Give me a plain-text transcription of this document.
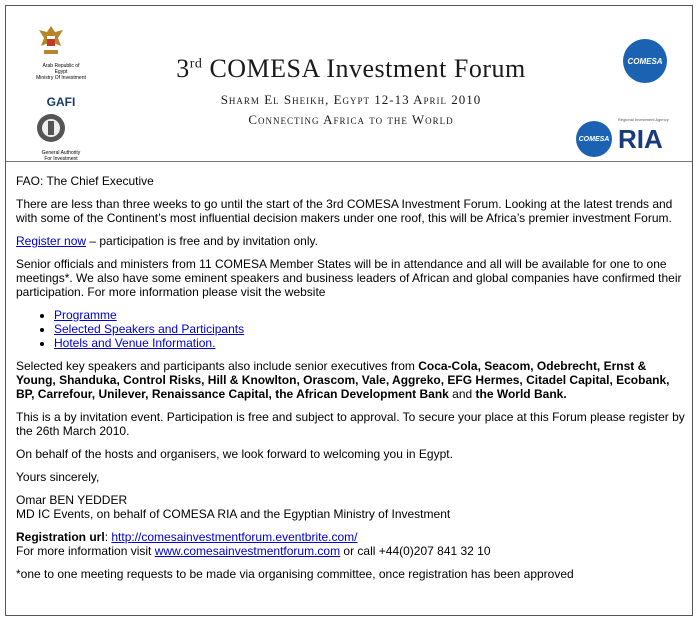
Arab Republic of Egypt
Ministry Of Investment
GAFI
General Authority
For Investment
3rd COMESA Investment Forum
Sharm El Sheikh, Egypt 12-13 April 2010
Connecting Africa to the World
COMESA
COMESA
Regional Investment Agency
RIA

FAO: The Chief Executive

There are less than three weeks to go until the start of the 3rd COMESA Investment Forum. Looking at the latest trends and with some of the Continent’s most influential decision makers under one roof, this will be Africa’s premier investment Forum.

Register now – participation is free and by invitation only.

Senior officials and ministers from 11 COMESA Member States will be in attendance and all will be available for one to one meetings*. We also have some eminent speakers and business leaders of African and global companies have confirmed their participation. For more information please visit the website

• Programme
• Selected Speakers and Participants
• Hotels and Venue Information.

Selected key speakers and participants also include senior executives from Coca-Cola, Seacom, Odebrecht, Ernst & Young, Shanduka, Control Risks, Hill & Knowlton, Orascom, Vale, Aggreko, EFG Hermes, Citadel Capital, Ecobank, BP, Carrefour, Unilever, Renaissance Capital, the African Development Bank and the World Bank.

This is a by invitation event. Participation is free and subject to approval. To secure your place at this Forum please register by the 26th March 2010.

On behalf of the hosts and organisers, we look forward to welcoming you in Egypt.

Yours sincerely,

Omar BEN YEDDER
MD IC Events, on behalf of COMESA RIA and the Egyptian Ministry of Investment

Registration url: http://comesainvestmentforum.eventbrite.com/
For more information visit www.comesainvestmentforum.com or call +44(0)207 841 32 10

*one to one meeting requests to be made via organising committee, once registration has been approved
